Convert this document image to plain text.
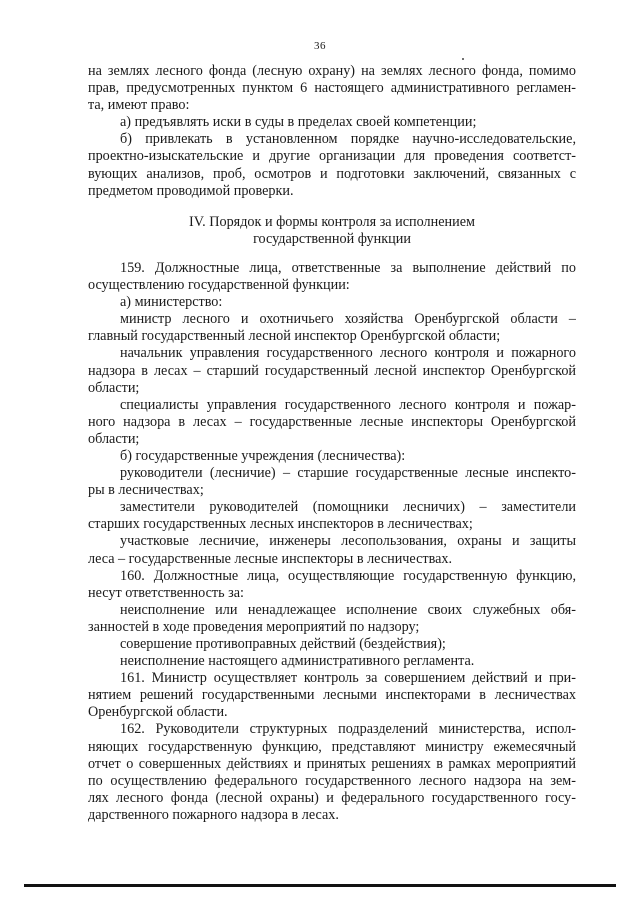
36
на землях лесного фонда (лесную охрану) на землях лесного фонда, помимо
прав, предусмотренных пунктом 6 настоящего административного регламен-
та, имеют право:
а) предъявлять иски в суды в пределах своей компетенции;
б) привлекать в установленном порядке научно-исследовательские,
проектно-изыскательские и другие организации для проведения соответст-
вующих анализов, проб, осмотров и подготовки заключений, связанных с
предметом проводимой проверки.
IV. Порядок и формы контроля за исполнением
государственной функции
159. Должностные лица, ответственные за выполнение действий по
осуществлению государственной функции:
а) министерство:
министр лесного и охотничьего хозяйства Оренбургской области –
главный государственный лесной инспектор Оренбургской области;
начальник управления государственного лесного контроля и пожарного
надзора в лесах – старший государственный лесной инспектор Оренбургской
области;
специалисты управления государственного лесного контроля и пожар-
ного надзора в лесах – государственные лесные инспекторы Оренбургской
области;
б) государственные учреждения (лесничества):
руководители (лесничие) – старшие государственные лесные инспекто-
ры в лесничествах;
заместители руководителей (помощники лесничих) – заместители
старших государственных лесных инспекторов в лесничествах;
участковые лесничие, инженеры лесопользования, охраны и защиты
леса – государственные лесные инспекторы в лесничествах.
160. Должностные лица, осуществляющие государственную функцию,
несут ответственность за:
неисполнение или ненадлежащее исполнение своих служебных обя-
занностей в ходе проведения мероприятий по надзору;
совершение противоправных действий (бездействия);
неисполнение настоящего административного регламента.
161. Министр осуществляет контроль за совершением действий и при-
нятием решений государственными лесными инспекторами в лесничествах
Оренбургской области.
162. Руководители структурных подразделений министерства, испол-
няющих государственную функцию, представляют министру ежемесячный
отчет о совершенных действиях и принятых решениях в рамках мероприятий
по осуществлению федерального государственного лесного надзора на зем-
лях лесного фонда (лесной охраны) и федерального государственного госу-
дарственного пожарного надзора в лесах.
